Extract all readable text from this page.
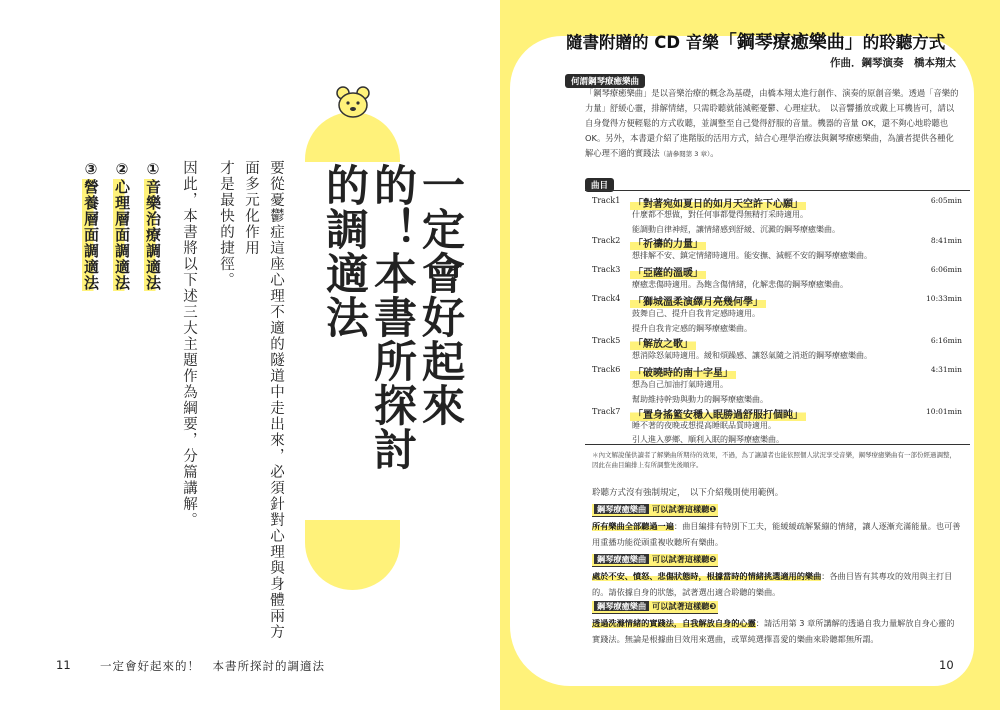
一定會好起來的！本書所探討的調適法
要從憂鬱症這座心理不適的隧道中走出來，必須針對心理與身體兩方面多元化作用
才是最快的捷徑。
因此，本書將以下述三大主題作為綱要，分篇講解。
①音樂治療調適法
②心理層面調適法
③營養層面調適法
11	一定會好起來的！　本書所探討的調適法
隨書附贈的 CD 音樂「鋼琴療癒樂曲」的聆聽方式
作曲．鋼琴演奏　橋本翔太
何謂鋼琴療癒樂曲
「鋼琴療癒樂曲」是以音樂治療的概念為基礎，由橋本翔太進行創作、演奏的原創音樂。透過「音樂的力量」舒緩心靈，排解情緒，只需聆聽就能減輕憂鬱、心理症狀。　以音響播放或戴上耳機皆可，請以自身覺得方便輕鬆的方式收聽，並調整至自己覺得舒服的音量。機器的音量 OK，還不夠心地聆聽也 OK。另外，本書還介紹了進階版的活用方式，結合心理學治療法與鋼琴療癒樂曲，為讀者提供各種化解心理不適的實踐法（請參閱第 3 章）。
曲目
Track1	「對著宛如夏日的如月天空許下心願」	6:05min
什麼都不想做，對任何事都覺得無精打采時適用。
能調動自律神經，讓情緒感到舒緩、沉澱的鋼琴療癒樂曲。
Track2	「祈禱的力量」	8:41min
想排解不安、鎮定情緒時適用。能安撫、減輕不安的鋼琴療癒樂曲。
Track3	「亞薩的溫暖」	6:06min
療癒悲傷時適用。為飽含傷情緒，化解悲傷的鋼琴療癒樂曲。
Track4	「獅城溫柔演繹月亮幾何學」	10:33min
鼓舞自己、提升自我肯定感時適用。
提升自我肯定感的鋼琴療癒樂曲。
Track5	「解放之歌」	6:16min
想消除怒氣時適用。緩和煩躁感、讓怒氣隨之消逝的鋼琴療癒樂曲。
Track6	「破曉時的南十字星」	4:31min
想為自己加油打氣時適用。
幫助維持幹勁與動力的鋼琴療癒樂曲。
Track7	「置身搖籃安穩入眠勝過舒服打個盹」	10:01min
睡不著的夜晚或想提高睡眠品質時適用。
引人進入夢鄉、順利入眠的鋼琴療癒樂曲。
＊內文解說僅供讀者了解樂曲所期待的效果，不過，為了讓讀者也能依照個人狀況享受音樂，鋼琴療癒樂曲有一部份經過調整，因此在曲目編排上有所調整先後順序。
聆聽方式沒有強制規定，　以下介紹幾則使用範例。
鋼琴療癒樂曲 可以試著這樣聽❶
所有樂曲全部聽過一遍：曲目編排有特別下工夫，能緩緩疏解緊繃的情緒，讓人逐漸充滿能量。也可善用重播功能從頭重複收聽所有樂曲。
鋼琴療癒樂曲 可以試著這樣聽❷
處於不安、憤怒、悲傷狀態時，根據當時的情緒挑選適用的樂曲：各曲目皆有其專攻的效用與主打目的。請依據自身的狀態，試著選出適合聆聽的樂曲。
鋼琴療癒樂曲 可以試著這樣聽❸
透過洗滌情緒的實踐法，自我解放自身的心靈：請活用第 3 章所講解的透過自我力量解放自身心靈的實踐法。無論是根據曲目效用來選曲，或單純選擇喜愛的樂曲來聆聽都無所謂。
10
